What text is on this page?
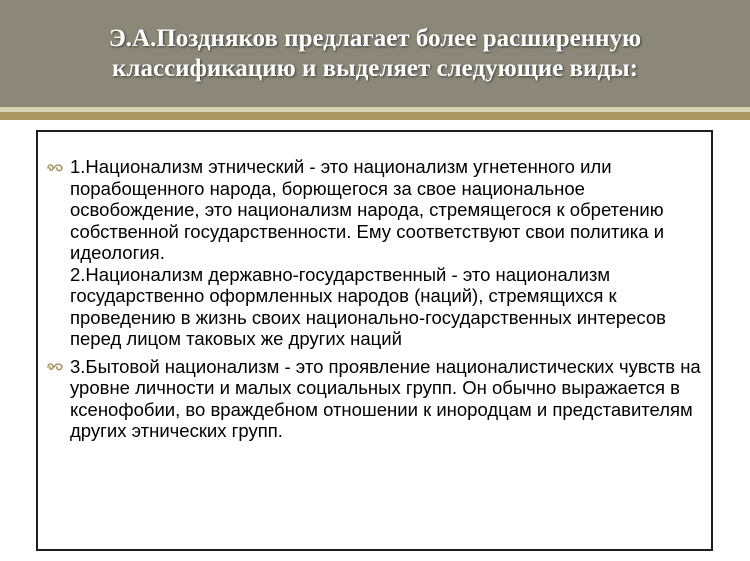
Э.А.Поздняков предлагает более расширенную классификацию и выделяет следующие виды:
1.Национализм этнический - это национализм угнетенного или порабощенного народа, борющегося за свое национальное освобождение, это национализм народа, стремящегося к обретению собственной государственности. Ему соответствуют свои политика и идеология.
2.Национализм державно-государственный - это национализм государственно оформленных народов (наций), стремящихся к проведению в жизнь своих национально-государственных интересов перед лицом таковых же других наций
3.Бытовой национализм - это проявление националистических чувств на уровне личности и малых социальных групп. Он обычно выражается в ксенофобии, во враждебном отношении к инородцам и представителям других этнических групп.
